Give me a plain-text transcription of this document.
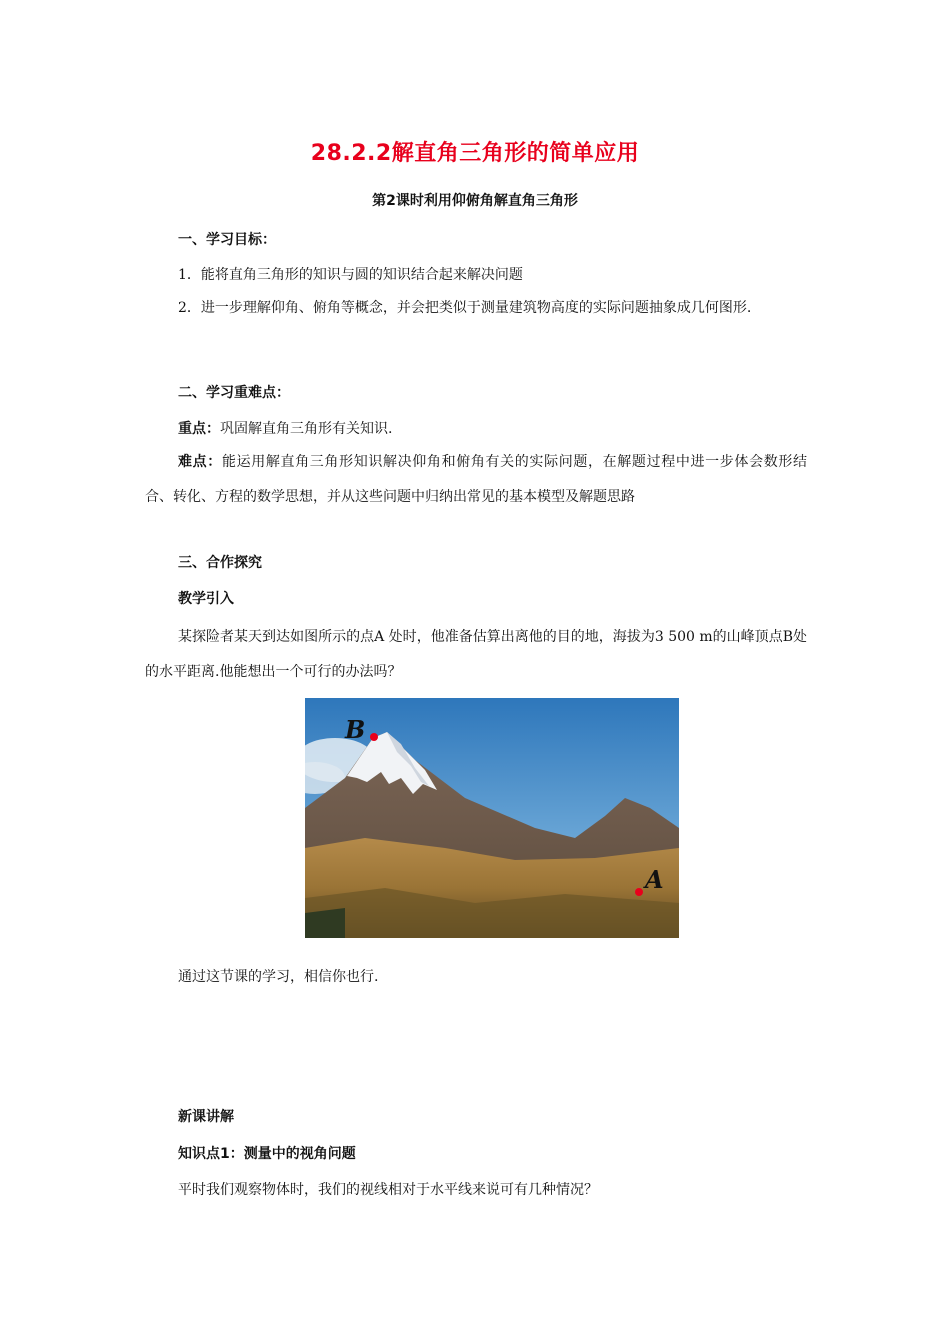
28.2.2解直角三角形的简单应用
第2课时利用仰俯角解直角三角形
一、学习目标：
1．能将直角三角形的知识与圆的知识结合起来解决问题
2．进一步理解仰角、俯角等概念，并会把类似于测量建筑物高度的实际问题抽象成几何图形.
二、学习重难点：
重点：巩固解直角三角形有关知识.
难点：能运用解直角三角形知识解决仰角和俯角有关的实际问题，在解题过程中进一步体会数形结合、转化、方程的数学思想，并从这些问题中归纳出常见的基本模型及解题思路
三、合作探究
教学引入
某探险者某天到达如图所示的点A 处时，他准备估算出离他的目的地，海拔为3 500 m的山峰顶点B处的水平距离.他能想出一个可行的办法吗？
B
A
通过这节课的学习，相信你也行.
新课讲解
知识点1：测量中的视角问题
平时我们观察物体时，我们的视线相对于水平线来说可有几种情况？
